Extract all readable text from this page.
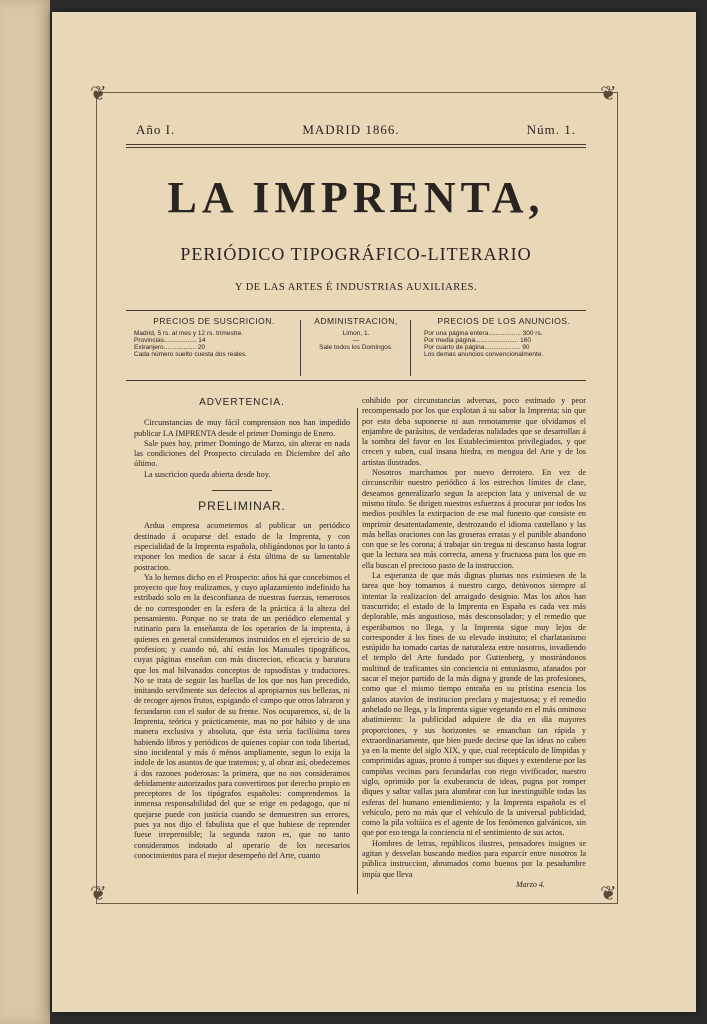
❦	❦
❦	❦
Año I.	MADRID 1866.	Núm. 1.
LA IMPRENTA,
PERIÓDICO TIPOGRÁFICO-LITERARIO
Y DE LAS ARTES É INDUSTRIAS AUXILIARES.
PRECIOS DE SUSCRICION.
Madrid, 5 rs. al mes y 12 rs. trimestre.
Provincias.................. 14
Extranjero.................. 20
Cada número suelto cuesta dos reales.
ADMINISTRACION,
Limon, 1.
—
Sale todos los Domingos.
PRECIOS DE LOS ANUNCIOS.
Por una página entera.................. 300 rs.
Por media página........................ 160
Por cuarto de página.................... 90
Los demas anuncios convencionalmente.
ADVERTENCIA.

Circunstancias de muy fácil comprension nos han impedido publicar LA IMPRENTA desde el primer Domingo de Enero.

Sale pues hoy, primer Domingo de Marzo, sin alterar en nada las condiciones del Prospecto circulado en Diciembre del año último.

La suscricion queda abierta desde hoy.

PRELIMINAR.

Ardua empresa acometemos al publicar un periódico destinado á ocuparse del estado de la Imprenta, y con especialidad de la Imprenta española, obligándonos por lo tanto á exponer los medios de sacar á ésta última de su lamentable postracion.

Ya lo hemos dicho en el Prospecto: años há que concebimos el proyecto que hoy realizamos, y cuyo aplazamiento indefinido ha estribado solo en la desconfianza de nuestras fuerzas, temerosos de no corresponder en la esfera de la práctica á la alteza del pensamiento. Porque no se trata de un periódico elemental y rutinario para la enseñanza de los operarios de la imprenta, á quienes en general consideramos instruidos en el ejercicio de su profesion; y cuando nó, ahí están los Manuales tipográficos, cuyas páginas enseñan con más discrecion, eficacia y baratura que los mal hilvanados conceptos de rapsodistas y traductores. No se trata de seguir las huellas de los que nos han precedido, imitando servilmente sus defectos al apropiarnos sus bellezas, ni de recoger ajenos frutos, espigando el campo que otros labraron y fecundaron con el sudor de su frente. Nos ocuparemos, sí, de la Imprenta, teórica y prácticamente, mas no por hábito y de una manera exclusiva y absoluta, que ésta sería facilísima tarea habiendo libros y periódicos de quienes copiar con toda libertad, sino incidental y más ó ménos ampliamente, segun lo exija la índole de los asuntos de que tratemos; y, al obrar así, obedecemos á dos razones poderosas: la primera, que no nos consideramos debidamente autorizados para convertirnos por derecho propio en preceptores de los tipógrafos españoles: comprendemos la inmensa responsabilidad del que se erige en pedagogo, que ni quejarse puede con justicia cuando se demuestren sus errores, pues ya nos dijo el fabulista que el que hubiese de reprender fuese irreprensible; la segunda razon es, que no tanto consideramos indotado al operario de los necesarios conocimientos para el mejor desempeño del Arte, cuanto

cohibido por circunstancias adversas, poco estimado y peor recompensado por los que explotan á su sabor la Imprenta; sin que por esto deba suponerse ni aun remotamente que olvidamos el enjambre de parásitos, de verdaderas nulidades que se desarrollan á la sombra del favor en los Establecimientos privilegiados, y que crecen y suben, cual insana hiedra, en mengua del Arte y de los artistas ilustrados.

Nosotros marchamos por nuevo derrotero. En vez de circunscribir nuestro periódico á los estrechos límites de clase, deseamos generalizarlo segun la acepcion lata y universal de su mismo título. Se dirigen nuestros esfuerzos á procurar por todos los medios posibles la extirpacion de ese mal funesto que consiste en imprimir desatentadamente, destrozando el idioma castellano y las más bellas oraciones con las groseras erratas y el punible abandono con que se les corona; á trabajar sin tregua ni descanso hasta lograr que la lectura sea más correcta, amena y fructuosa para los que en ella buscan el precioso pasto de la instruccion.

La esperanza de que más dignas plumas nos eximiesen de la tarea que hoy tomamos á nuestro cargo, detúvonos siempre al intentar la realizacion del arraigado designio. Mas los años han trascurrido; el estado de la Imprenta en España es cada vez más deplorable, más angustioso, más desconsolador; y el remedio que esperábamos no llega, y la Imprenta sigue muy lejos de corresponder á los fines de su elevado instituto; el charlatanismo estúpido ha tomado cartas de naturaleza entre nosotros, invadiendo el templo del Arte fundado por Guttenberg, y mostrándonos multitud de traficantes sin conciencia ni entusiasmo, afanados por sacar el mejor partido de la más digna y grande de las profesiones, como que el mismo tiempo entraña en su prístina esencia los galanos atavíos de institucion preclara y majestuosa; y el remedio anhelado no llega, y la Imprenta sigue vegetando en el más ominoso abatimiento: la publicidad adquiere de dia en dia mayores proporciones, y sus horizontes se ensanchan tan rápida y extraordinariamente, que bien puede decirse que las ideas no caben ya en la mente del siglo XIX, y que, cual receptáculo de límpidas y comprimidas aguas, pronto á romper sus diques y extenderse por las campiñas vecinas para fecundarlas con riego vivificador, nuestro siglo, oprimido por la exuberancia de ideas, pugna por romper diques y saltar vallas para alumbrar con luz inextinguible todas las esferas del humano entendimiento; y la Imprenta española es el vehículo, pero no más que el vehículo de la universal publicidad, como la pila voltáica es el agente de los fenómenos galvánicos, sin que por eso tenga la conciencia ni el sentimiento de sus actos.

Hombres de letras, repúblicos ilustres, pensadores insignes se agitan y desvelan buscando medios para esparcir entre nosotros la pública instruccion, abrumados como buenos por la pesadumbre impía que lleva

Marzo 4.
